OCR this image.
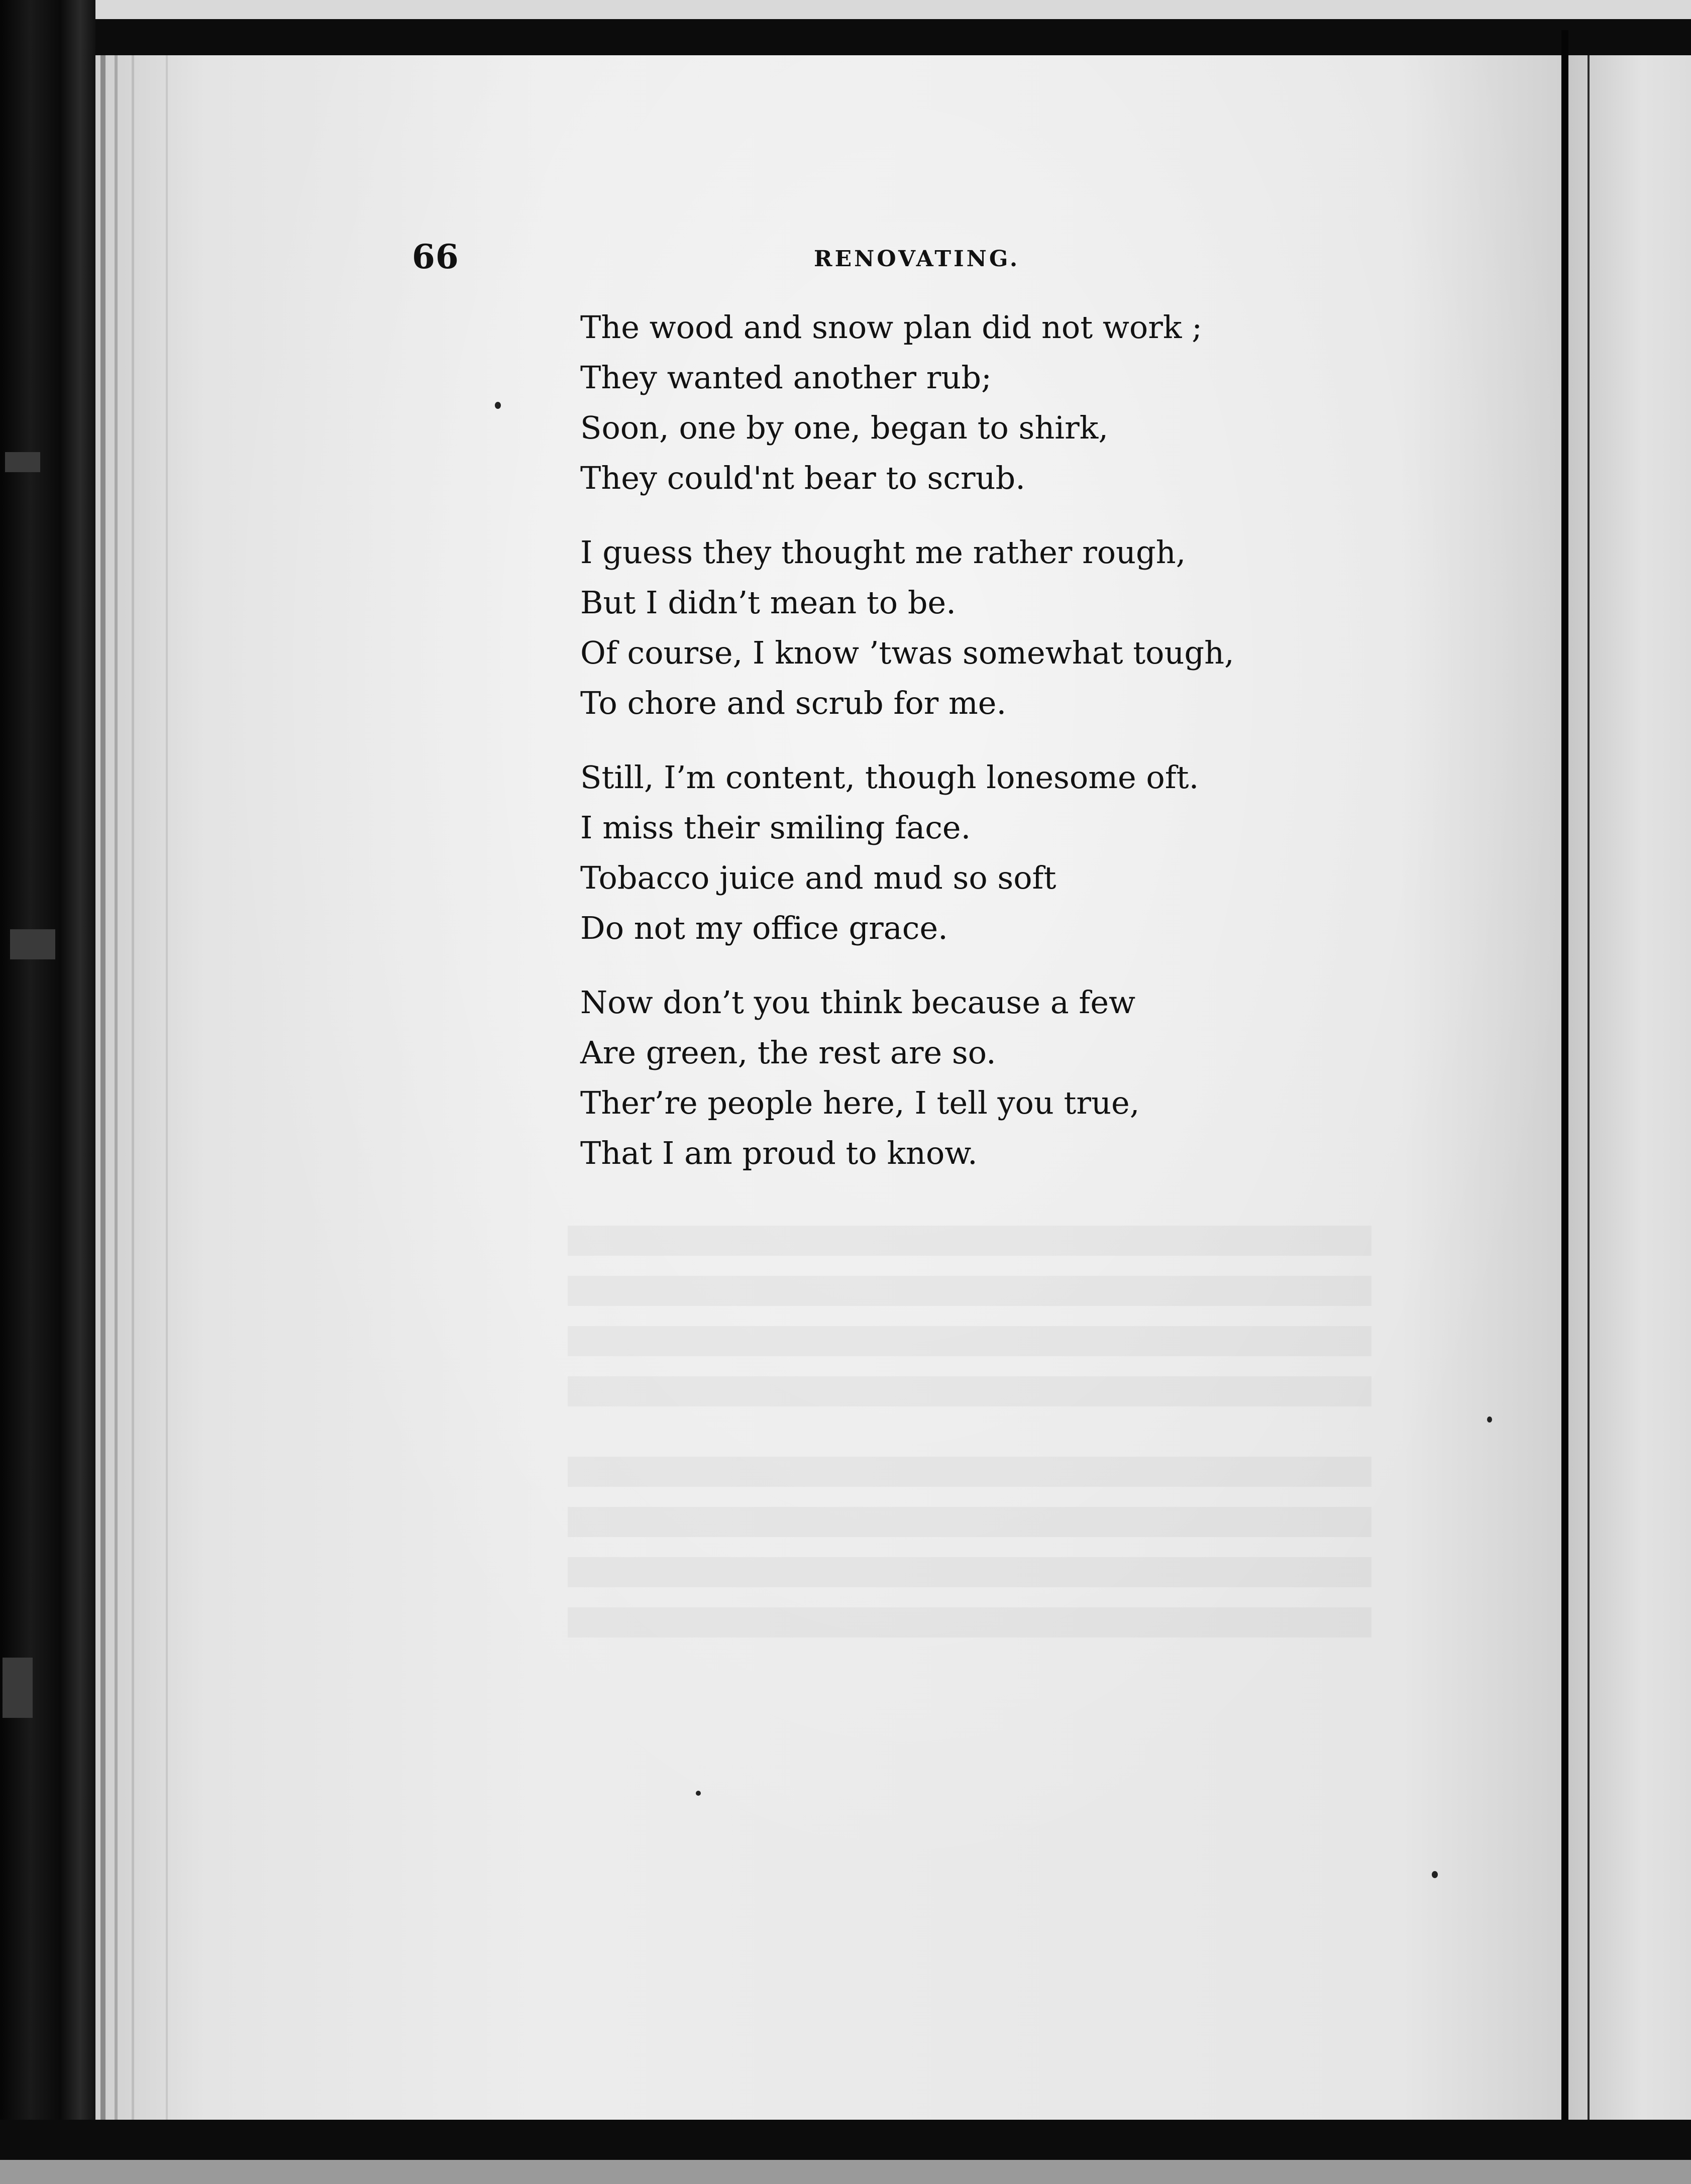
66	RENOVATING.
The wood and snow plan did not work ;
They wanted another rub;
Soon, one by one, began to shirk,
They could'nt bear to scrub.
I guess they thought me rather rough,
But I didn’t mean to be.
Of course, I know ’twas somewhat tough,
To chore and scrub for me.
Still, I’m content, though lonesome oft.
I miss their smiling face.
Tobacco juice and mud so soft
Do not my office grace.
Now don’t you think because a few
Are green, the rest are so.
Ther’re people here, I tell you true,
That I am proud to know.
